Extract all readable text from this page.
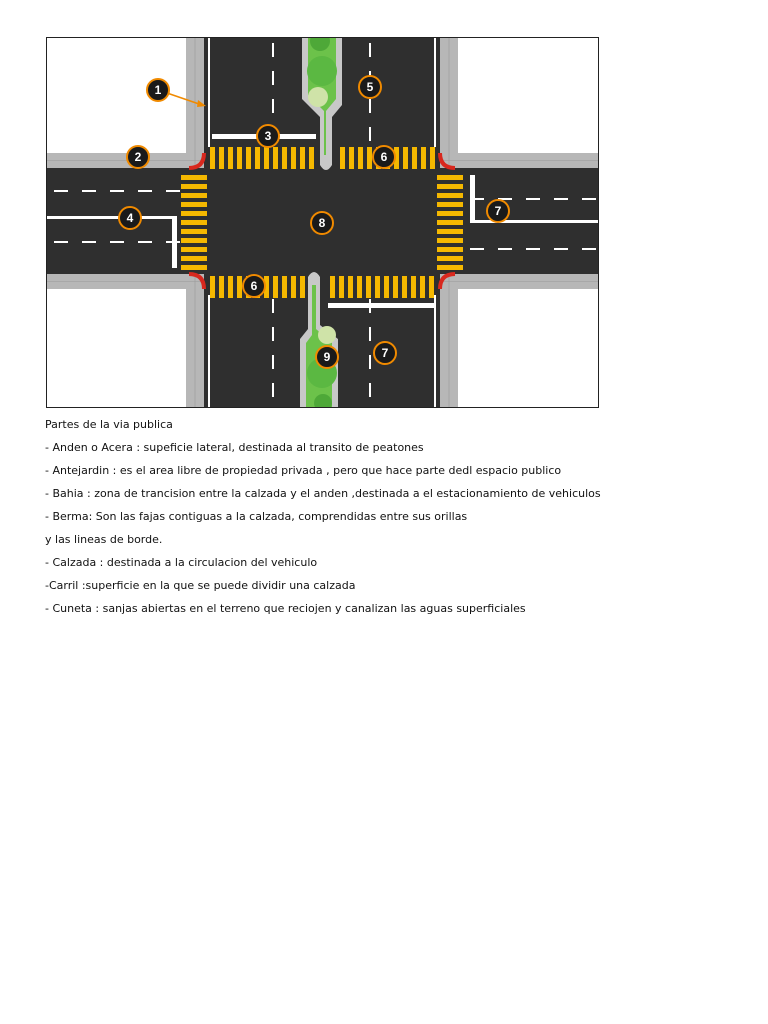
1
2
3
4
5
6
7
8
6
9	7
Partes de la via publica
- Anden o Acera : supeficie lateral, destinada al transito de peatones
- Antejardin : es el area libre de propiedad privada , pero que hace parte dedl espacio publico
- Bahia : zona de trancision entre la calzada y el anden ,destinada a el estacionamiento de vehiculos
- Berma: Son las fajas contiguas a la calzada, comprendidas entre sus orillas
y las lineas de borde.
- Calzada : destinada a la circulacion del vehiculo
-Carril :superficie en la que se puede dividir una calzada
- Cuneta : sanjas abiertas en el terreno que reciojen y canalizan las aguas superficiales
